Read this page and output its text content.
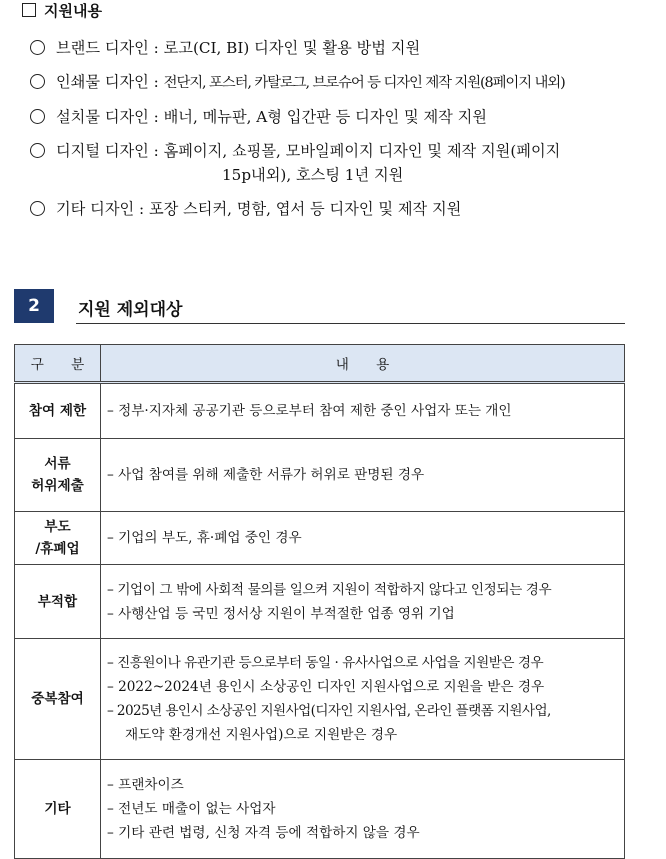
지원내용
브랜드 디자인 : 로고(CI, BI) 디자인 및 활용 방법 지원
인쇄물 디자인 : 전단지, 포스터, 카탈로그, 브로슈어 등 디자인 제작 지원(8페이지 내외)
설치물 디자인 : 배너, 메뉴판, A형 입간판 등 디자인 및 제작 지원
디지털 디자인 : 홈페이지, 쇼핑몰, 모바일페이지 디자인 및 제작 지원(페이지
15p내외), 호스팅 1년 지원
기타 디자인 : 포장 스티커, 명함, 엽서 등 디자인 및 제작 지원
2	지원 제외대상
구　　분	내　　용
참여 제한	– 정부·지자체 공공기관 등으로부터 참여 제한 중인 사업자 또는 개인

서류
허위제출	– 사업 참여를 위해 제출한 서류가 허위로 판명된 경우

부도
/휴폐업	– 기업의 부도, 휴·폐업 중인 경우

부적합	– 기업이 그 밖에 사회적 물의를 일으켜 지원이 적합하지 않다고 인정되는 경우
– 사행산업 등 국민 정서상 지원이 부적절한 업종 영위 기업

중복참여	– 진흥원이나 유관기관 등으로부터 동일 · 유사사업으로 사업을 지원받은 경우
– 2022~2024년 용인시 소상공인 디자인 지원사업으로 지원을 받은 경우
– 2025년 용인시 소상공인 지원사업(디자인 지원사업, 온라인 플랫폼 지원사업,
재도약 환경개선 지원사업)으로 지원받은 경우

기타	– 프랜차이즈
– 전년도 매출이 없는 사업자
– 기타 관련 법령, 신청 자격 등에 적합하지 않을 경우
